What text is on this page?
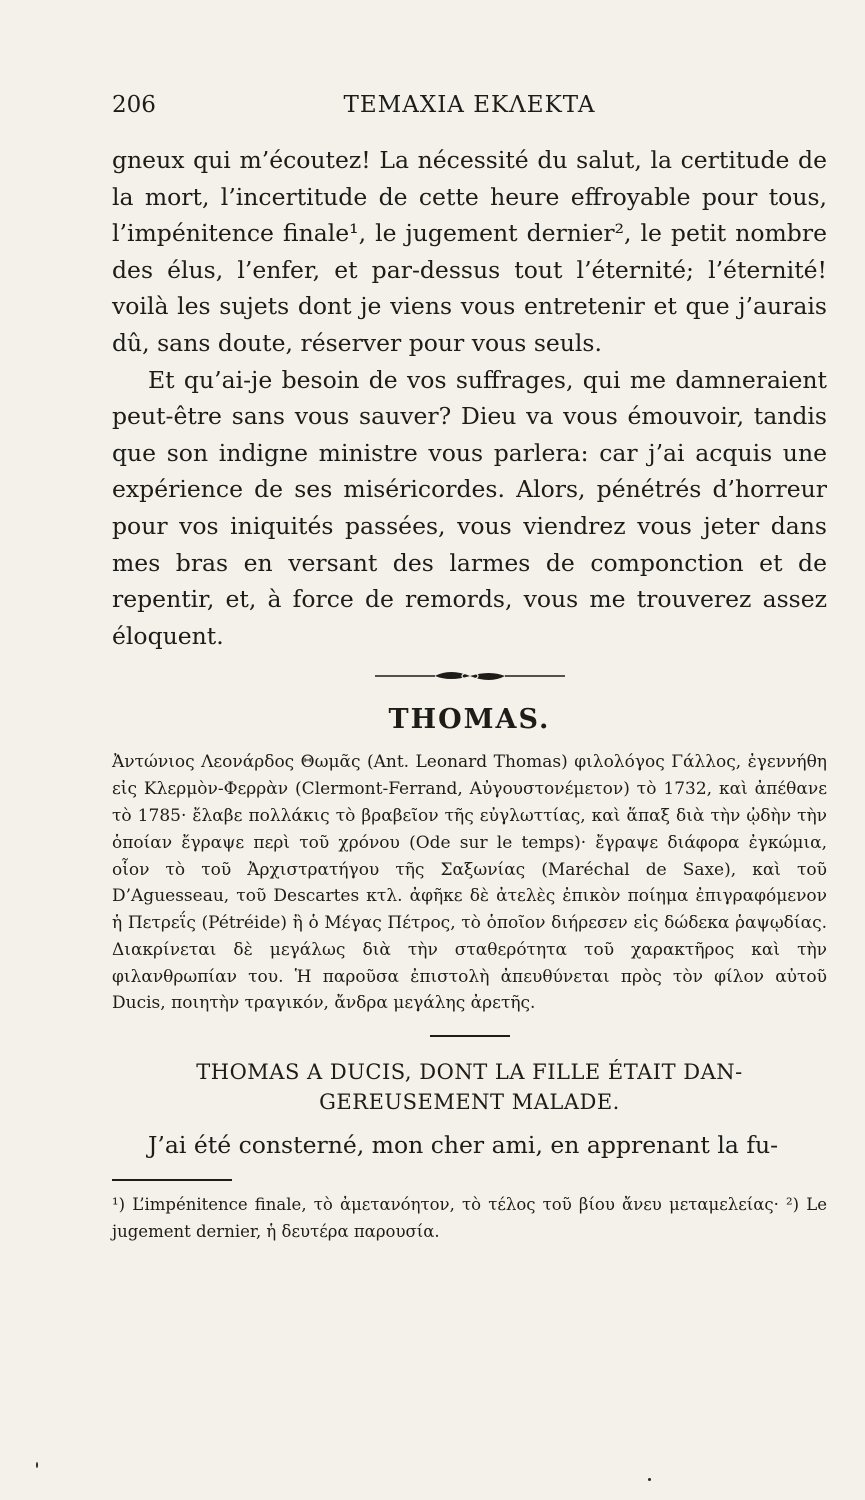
206	TEMAXIA EKΛEKTA

gneux qui m’écoutez! La nécessité du salut, la certitude de la mort, l’incertitude de cette heure effroyable pour tous, l’impénitence finale¹, le jugement dernier², le petit nombre des élus, l’enfer, et par-dessus tout l’éternité; l’éternité! voilà les sujets dont je viens vous entretenir et que j’aurais dû, sans doute, réserver pour vous seuls.

Et qu’ai-je besoin de vos suffrages, qui me damneraient peut-être sans vous sauver? Dieu va vous émouvoir, tandis que son indigne ministre vous parlera: car j’ai acquis une expérience de ses miséricordes. Alors, pénétrés d’horreur pour vos iniquités passées, vous viendrez vous jeter dans mes bras en versant des larmes de componction et de repentir, et, à force de remords, vous me trouverez assez éloquent.

THOMAS.

Ἀντώνιος Λεονάρδος Θωμᾶς (Ant. Leonard Thomas) φιλολόγος Γάλλος, ἐγεννήθη εἰς Κλερμὸν-Φερρὰν (Clermont-Ferrand, Αὐγουστονέμετον) τὸ 1732, καὶ ἀπέθανε τὸ 1785· ἔλαβε πολλάκις τὸ βραβεῖον τῆς εὐγλωττίας, καὶ ἅπαξ διὰ τὴν ᾠδὴν τὴν ὁποίαν ἔγραψε περὶ τοῦ χρόνου (Ode sur le temps)· ἔγραψε διάφορα ἐγκώμια, οἷον τὸ τοῦ Ἀρχιστρατήγου τῆς Σαξωνίας (Maréchal de Saxe), καὶ τοῦ D’Aguesseau, τοῦ Descartes κτλ. ἀφῆκε δὲ ἀτελὲς ἐπικὸν ποίημα ἐπιγραφόμενον ἡ Πετρεΐς (Pétréide) ἢ ὁ Μέγας Πέτρος, τὸ ὁποῖον διήρεσεν εἰς δώδεκα ῥαψῳδίας. Διακρίνεται δὲ μεγάλως διὰ τὴν σταθερότητα τοῦ χαρακτῆρος καὶ τὴν φιλανθρωπίαν του. Ἡ παροῦσα ἐπιστολὴ ἀπευθύνεται πρὸς τὸν φίλον αὐτοῦ Ducis, ποιητὴν τραγικόν, ἄνδρα μεγάλης ἀρετῆς.

THOMAS A DUCIS, DONT LA FILLE ÉTAIT DAN-
GEREUSEMENT MALADE.

J’ai été consterné, mon cher ami, en apprenant la fu-

¹) L’impénitence finale, τὸ ἀμετανόητον, τὸ τέλος τοῦ βίου ἄνευ μεταμελείας· ²) Le jugement dernier, ἡ δευτέρα παρουσία.
